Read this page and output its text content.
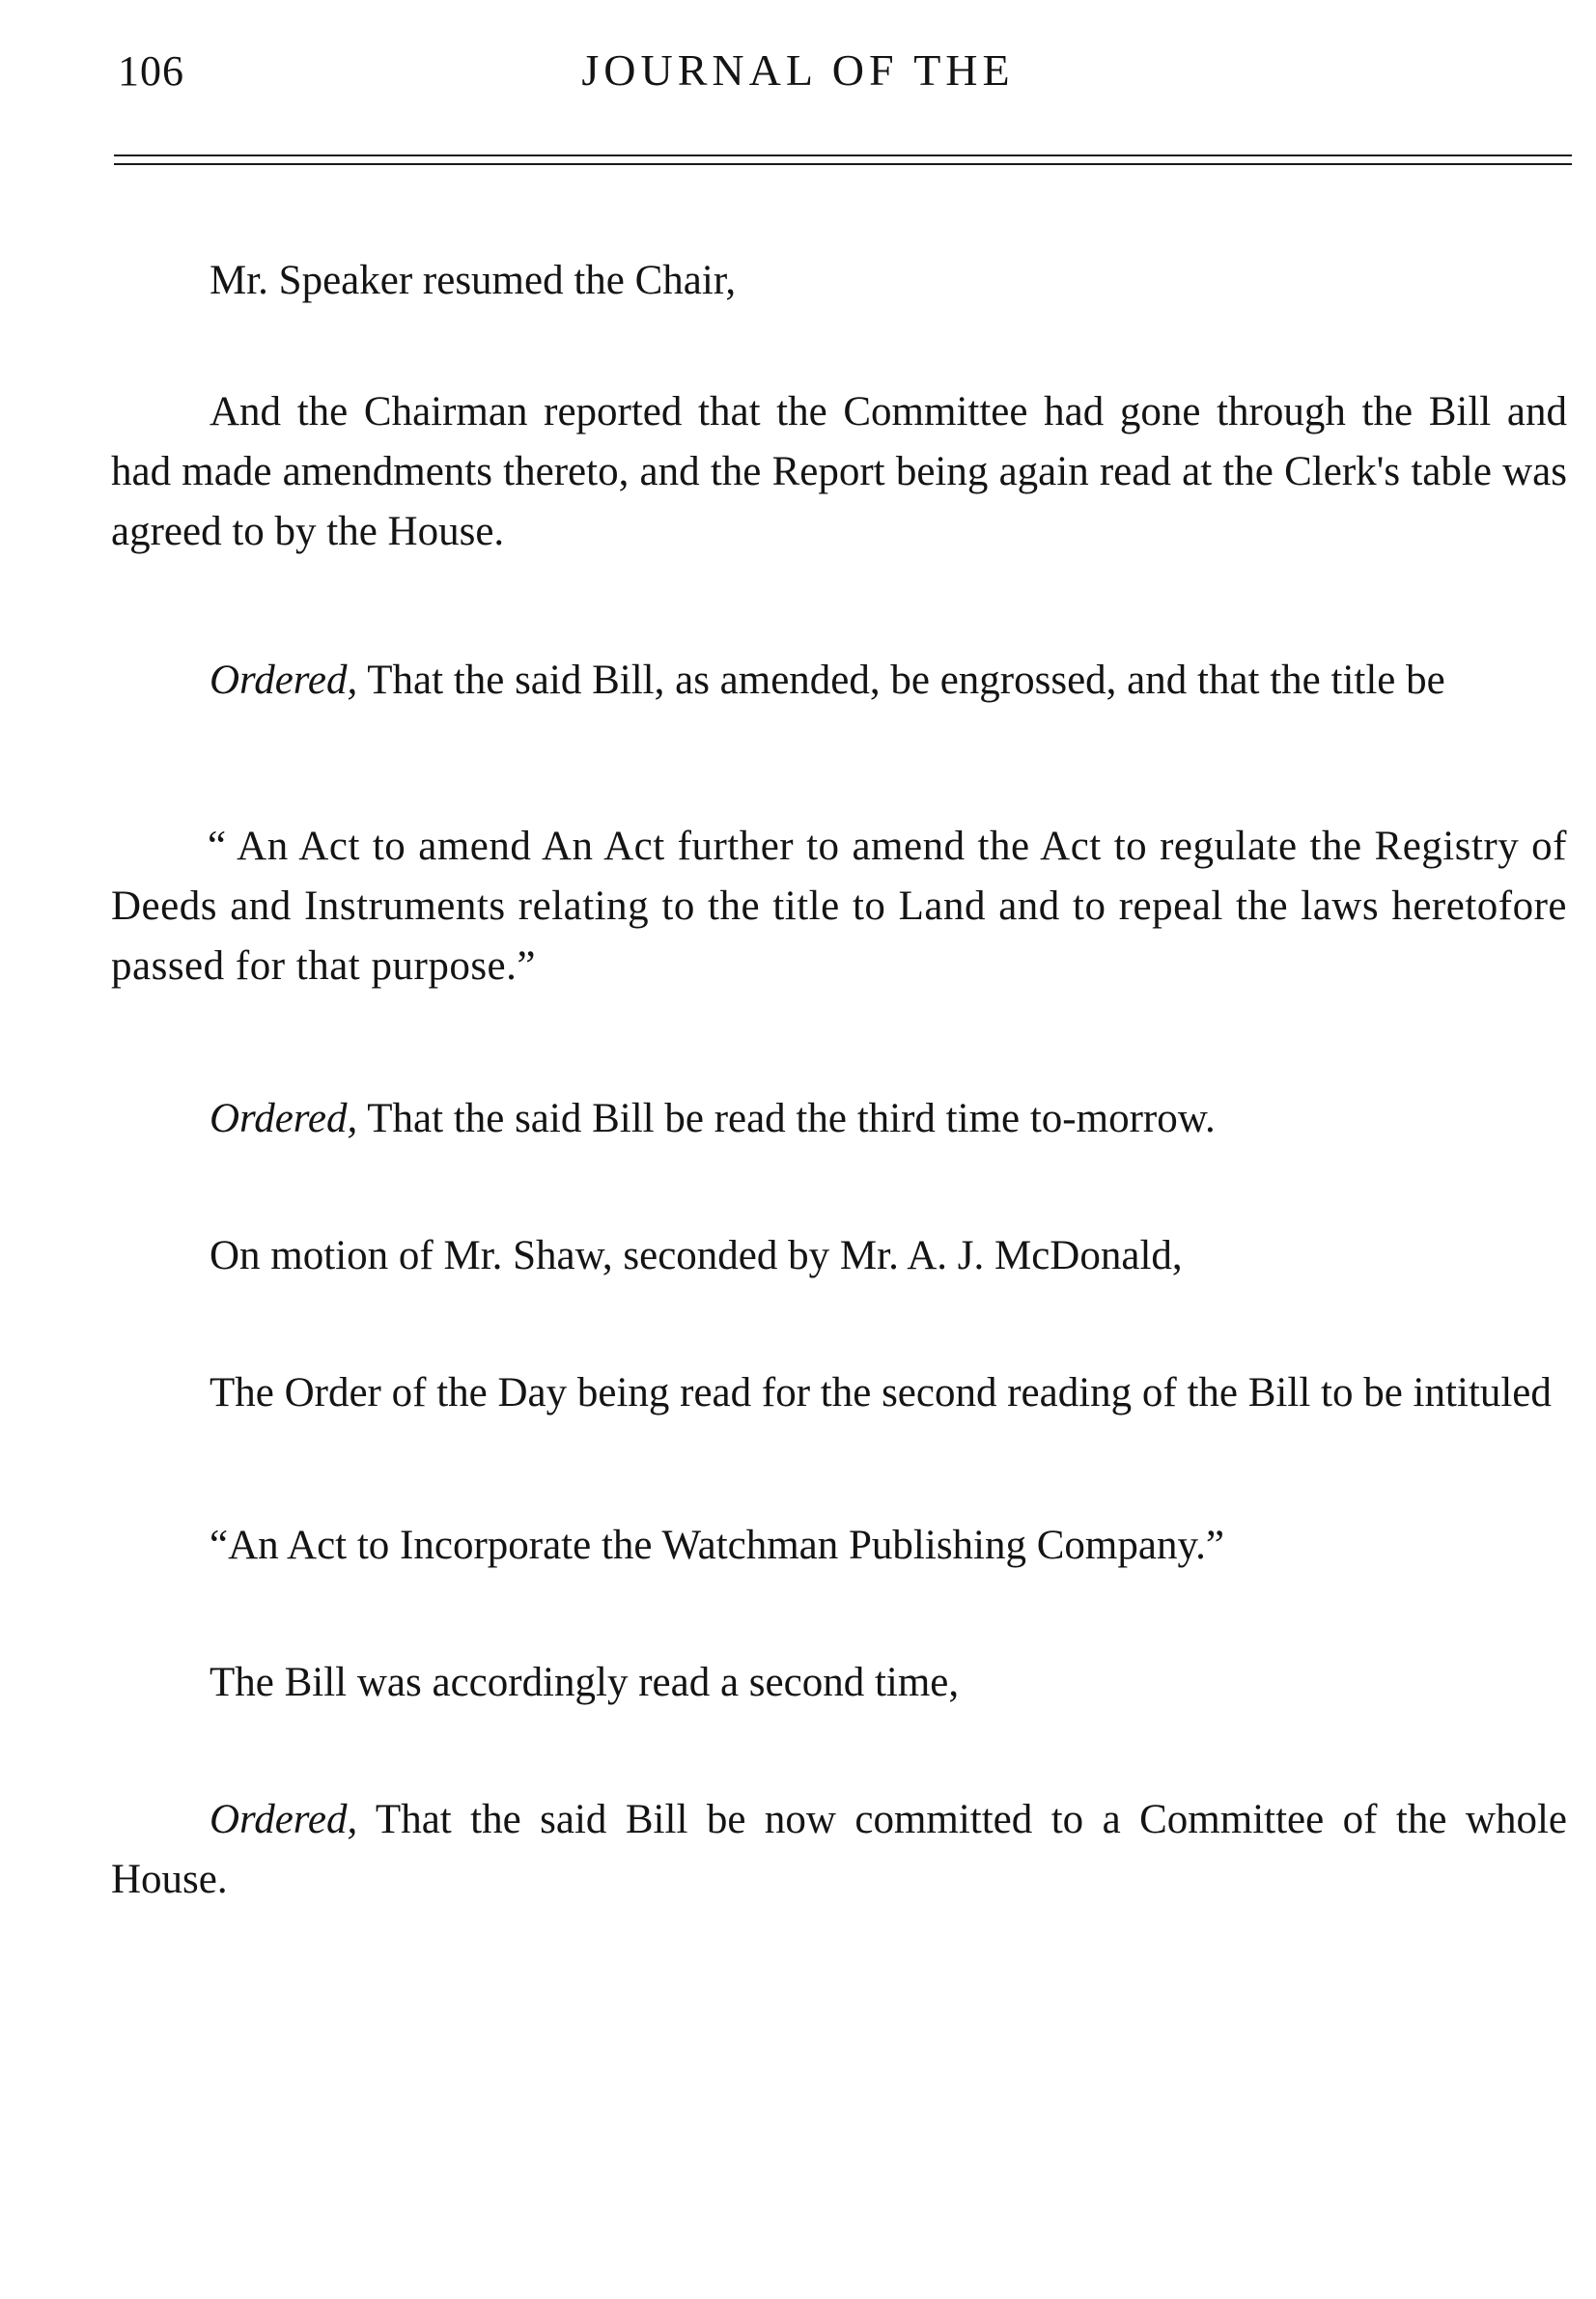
106	JOURNAL OF THE

Mr. Speaker resumed the Chair,

And the Chairman reported that the Committee had gone through the Bill and had made amendments thereto, and the Report being again read at the Clerk's table was agreed to by the House.

Ordered, That the said Bill, as amended, be engrossed, and that the title be

“ An Act to amend An Act further to amend the Act to regulate the Registry of Deeds and Instruments relating to the title to Land and to repeal the laws heretofore passed for that purpose.”

Ordered, That the said Bill be read the third time to-morrow.

On motion of Mr. Shaw, seconded by Mr. A. J. McDonald,

The Order of the Day being read for the second reading of the Bill to be intituled

“An Act to Incorporate the Watchman Publishing Company.”

The Bill was accordingly read a second time,

Ordered, That the said Bill be now committed to a Committee of the whole House.
